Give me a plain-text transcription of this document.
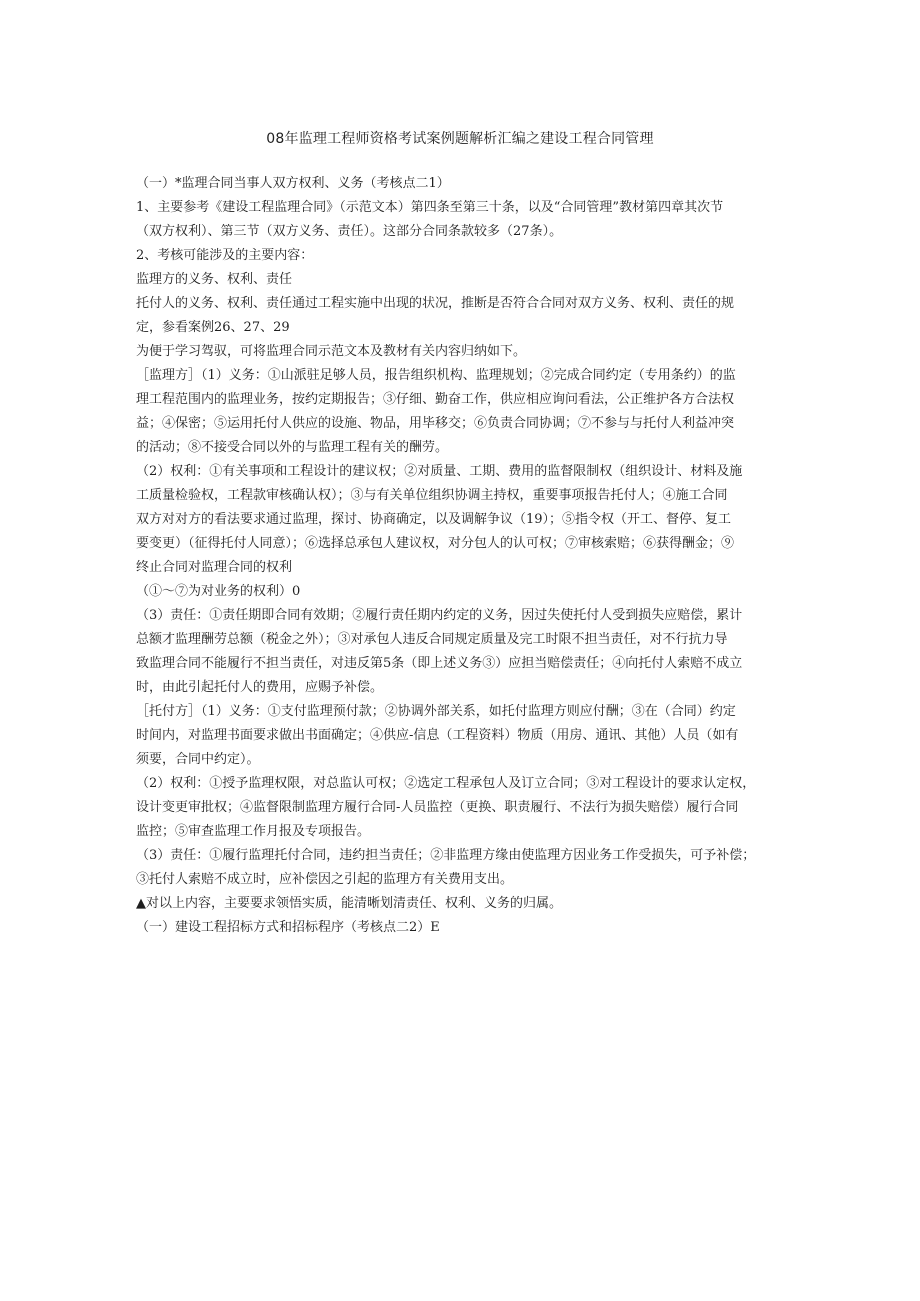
08年监理工程师资格考试案例题解析汇编之建设工程合同管理
（一）*监理合同当事人双方权利、义务（考核点二1）
1、主要参考《建设工程监理合同》（示范文本）第四条至第三十条，以及“合同管理”教材第四章其次节
（双方权利）、第三节（双方义务、责任）。这部分合同条款较多（27条）。
2、考核可能涉及的主要内容：
监理方的义务、权利、责任
托付人的义务、权利、责任通过工程实施中出现的状况，推断是否符合合同对双方义务、权利、责任的规
定，参看案例26、27、29
为便于学习驾驭，可将监理合同示范文本及教材有关内容归纳如下。
［监理方］（1）义务：①山派驻足够人员，报告组织机构、监理规划；②完成合同约定（专用条约）的监
理工程范围内的监理业务，按约定期报告；③仔细、勤奋工作，供应相应询问看法，公正维护各方合法权
益；④保密；⑤运用托付人供应的设施、物品，用毕移交；⑥负责合同协调；⑦不参与与托付人利益冲突
的活动；⑧不接受合同以外的与监理工程有关的酬劳。
（2）权利：①有关事项和工程设计的建议权；②对质量、工期、费用的监督限制权（组织设计、材料及施
工质量检验权，工程款审核确认权）；③与有关单位组织协调主持权，重要事项报告托付人；④施工合同
双方对对方的看法要求通过监理，探讨、协商确定，以及调解争议（19）；⑤指令权（开工、督停、复工
要变更）（征得托付人同意）；⑥选择总承包人建议权，对分包人的认可权；⑦审核索赔；⑥获得酬金；⑨
终止合同对监理合同的权利
（①～⑦为对业务的权利）0
（3）责任：①责任期即合同有效期；②履行责任期内约定的义务，因过失使托付人受到损失应赔偿，累计
总额才监理酬劳总额（税金之外）；③对承包人违反合同规定质量及完工时限不担当责任，对不行抗力导
致监理合同不能履行不担当责任，对违反第5条（即上述义务③）应担当赔偿责任；④向托付人索赔不成立
时，由此引起托付人的费用，应赐予补偿。
［托付方］（1）义务：①支付监理预付款；②协调外部关系，如托付监理方则应付酬；③在（合同）约定
时间内，对监理书面要求做出书面确定；④供应-信息（工程资料）物质（用房、通讯、其他）人员（如有
须要，合同中约定）。
（2）权利：①授予监理权限，对总监认可权；②选定工程承包人及订立合同；③对工程设计的要求认定权，
设计变更审批权；④监督限制监理方履行合同-人员监控（更换、职责履行、不法行为损失赔偿）履行合同
监控；⑤审查监理工作月报及专项报告。
（3）责任：①履行监理托付合同，违约担当责任；②非监理方缘由使监理方因业务工作受损失，可予补偿；
③托付人索赔不成立时，应补偿因之引起的监理方有关费用支出。
▲对以上内容，主要要求领悟实质，能清晰划清责任、权利、义务的归属。
（一）建设工程招标方式和招标程序（考核点二2）E
